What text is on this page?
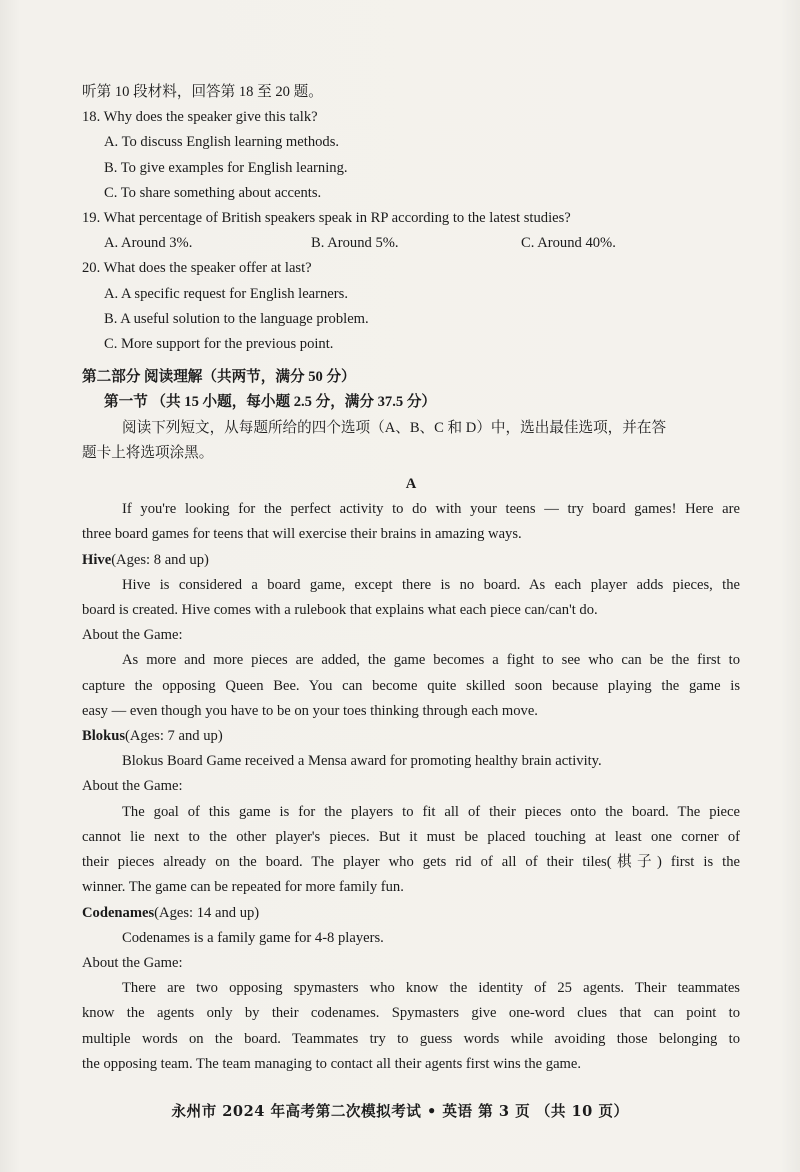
听第 10 段材料，回答第 18 至 20 题。
18. Why does the speaker give this talk?
A. To discuss English learning methods.
B. To give examples for English learning.
C. To share something about accents.
19. What percentage of British speakers speak in RP according to the latest studies?
A. Around 3%.	B. Around 5%.	C. Around 40%.
20. What does the speaker offer at last?
A. A specific request for English learners.
B. A useful solution to the language problem.
C. More support for the previous point.
第二部分 阅读理解（共两节，满分 50 分）
第一节 （共 15 小题，每小题 2.5 分，满分 37.5 分）
阅读下列短文，从每题所给的四个选项（A、B、C 和 D）中，选出最佳选项，并在答
题卡上将选项涂黑。
A
If you're looking for the perfect activity to do with your teens — try board games! Here are
three board games for teens that will exercise their brains in amazing ways.
Hive(Ages: 8 and up)
Hive is considered a board game, except there is no board. As each player adds pieces, the
board is created. Hive comes with a rulebook that explains what each piece can/can't do.
About the Game:
As more and more pieces are added, the game becomes a fight to see who can be the first to
capture the opposing Queen Bee. You can become quite skilled soon because playing the game is
easy — even though you have to be on your toes thinking through each move.
Blokus(Ages: 7 and up)
Blokus Board Game received a Mensa award for promoting healthy brain activity.
About the Game:
The goal of this game is for the players to fit all of their pieces onto the board. The piece
cannot lie next to the other player's pieces. But it must be placed touching at least one corner of
their pieces already on the board. The player who gets rid of all of their tiles(棋子) first is the
winner. The game can be repeated for more family fun.
Codenames(Ages: 14 and up)
Codenames is a family game for 4-8 players.
About the Game:
There are two opposing spymasters who know the identity of 25 agents. Their teammates
know the agents only by their codenames. Spymasters give one-word clues that can point to
multiple words on the board. Teammates try to guess words while avoiding those belonging to
the opposing team. The team managing to contact all their agents first wins the game.
永州市 2024 年高考第二次模拟考试 • 英语 第 3 页 （共 10 页）
